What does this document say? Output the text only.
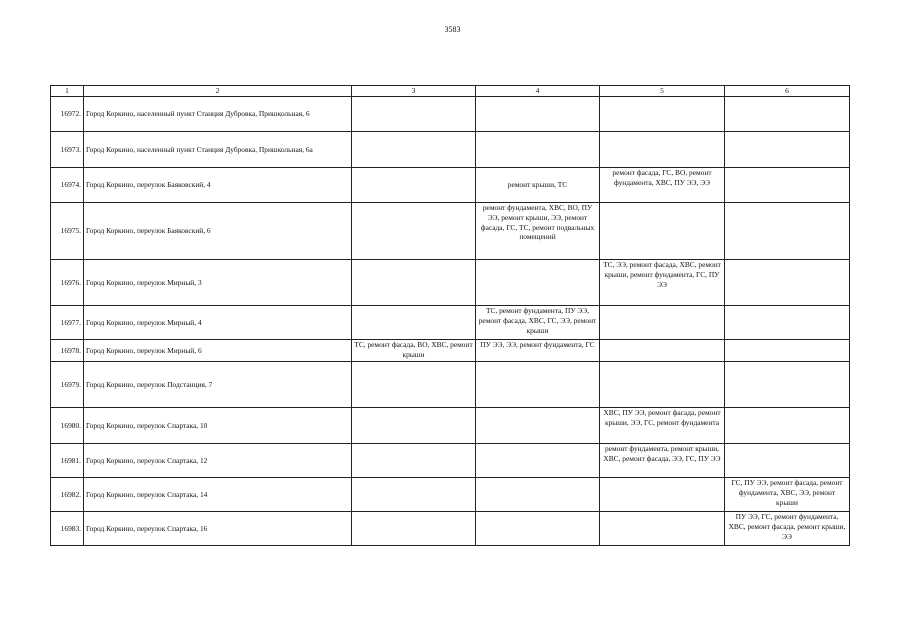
3583
1	2	3	4	5	6
16972.	Город Коркино, населенный пункт Станция Дубровка, Пришкольная, 6				
16973.	Город Коркино, населенный пункт Станция Дубровка, Пришкольная, 6а				
16974.	Город Коркино, переулок Баяковский, 4		ремонт крыши, ТС	ремонт фасада, ГС, ВО, ремонт фундамента, ХВС, ПУ ЭЭ, ЭЭ	
16975.	Город Коркино, переулок Баяковский, 6		ремонт фундамента, ХВС, ВО, ПУ ЭЭ, ремонт крыши, ЭЭ, ремонт фасада, ГС, ТС, ремонт подвальных помещений		
16976.	Город Коркино, переулок Мирный, 3			ТС, ЭЭ, ремонт фасада, ХВС, ремонт крыши, ремонт фундамента, ГС, ПУ ЭЭ	
16977.	Город Коркино, переулок Мирный, 4		ТС, ремонт фундамента, ПУ ЭЭ, ремонт фасада, ХВС, ГС, ЭЭ, ремонт крыши		
16978.	Город Коркино, переулок Мирный, 6	ТС, ремонт фасада, ВО, ХВС, ремонт крыши	ПУ ЭЭ, ЭЭ, ремонт фундамента, ГС		
16979.	Город Коркино, переулок Подстанция, 7				
16980.	Город Коркино, переулок Спартака, 10			ХВС, ПУ ЭЭ, ремонт фасада, ремонт крыши, ЭЭ, ГС, ремонт фундамента	
16981.	Город Коркино, переулок Спартака, 12			ремонт фундамента, ремонт крыши, ХВС, ремонт фасада, ЭЭ, ГС, ПУ ЭЭ	
16982.	Город Коркино, переулок Спартака, 14				ГС, ПУ ЭЭ, ремонт фасада, ремонт фундамента, ХВС, ЭЭ, ремонт крыши
16983.	Город Коркино, переулок Спартака, 16				ПУ ЭЭ, ГС, ремонт фундамента, ХВС, ремонт фасада, ремонт крыши, ЭЭ
